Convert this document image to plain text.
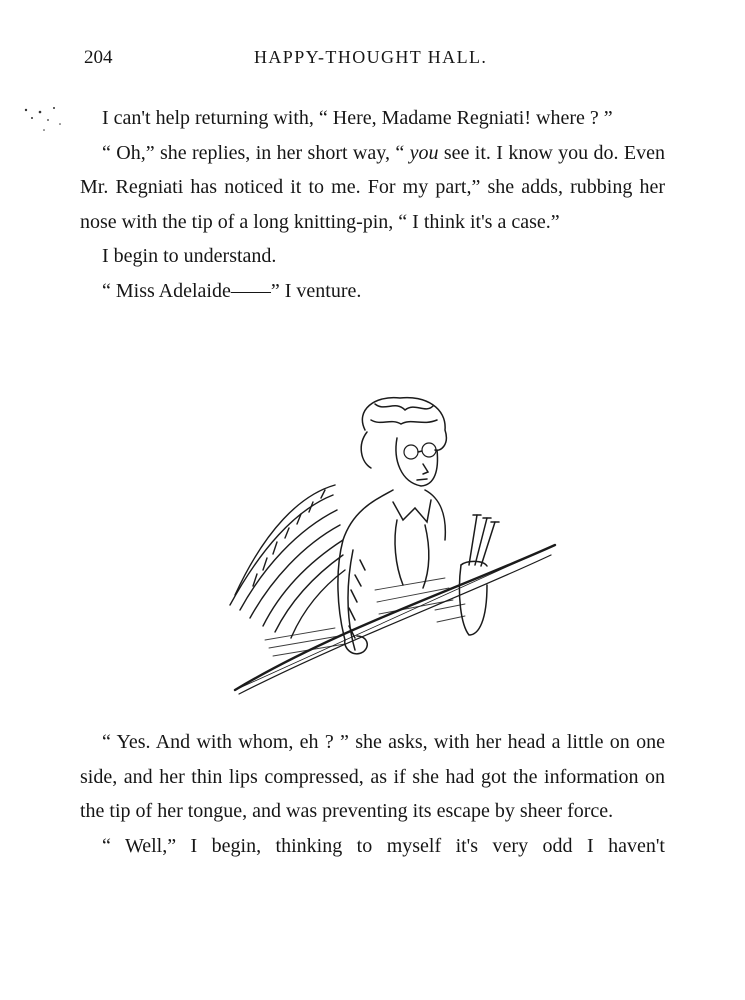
204	HAPPY-THOUGHT HALL.

I can't help returning with, “ Here, Madame Regniati! where ? ”

“ Oh,” she replies, in her short way, “ you see it. I know you do. Even Mr. Regniati has noticed it to me. For my part,” she adds, rubbing her nose with the tip of a long knitting-pin, “ I think it's a case.”

I begin to understand.

“ Miss Adelaide——” I venture.

“ Yes. And with whom, eh ? ” she asks, with her head a little on one side, and her thin lips compressed, as if she had got the information on the tip of her tongue, and was preventing its escape by sheer force.

“ Well,” I begin, thinking to myself it's very odd I haven't
